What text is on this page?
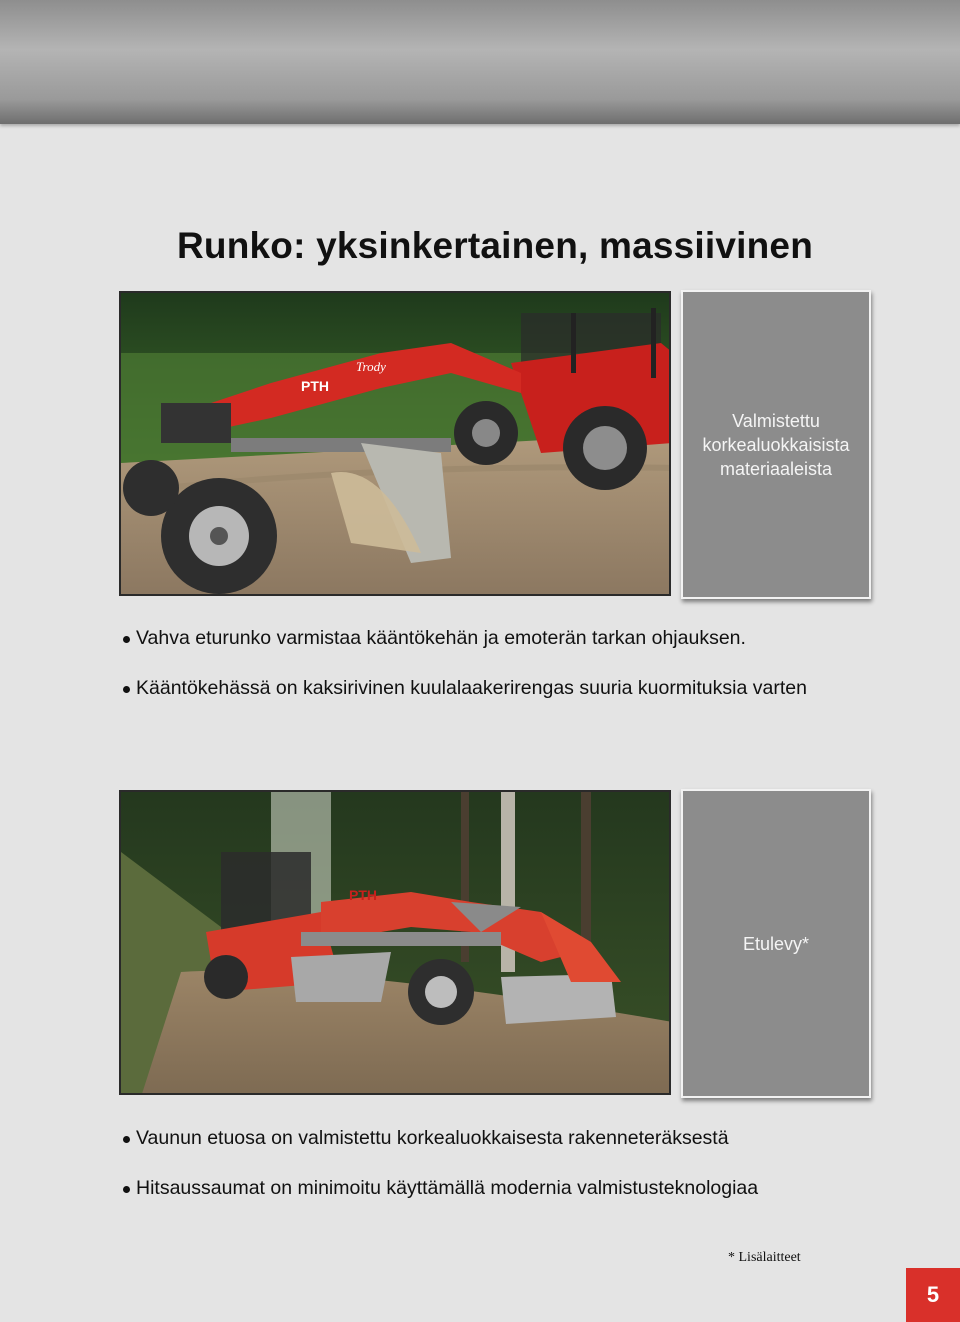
Runko: yksinkertainen, massiivinen
PTH
Trody
Valmistettu
korkealuokkaisista
materiaaleista
Vahva eturunko varmistaa kääntökehän ja emoterän tarkan ohjauksen.
Kääntökehässä on kaksirivinen kuulalaakerirengas suuria kuormituksia varten
PTH
Etulevy*
Vaunun etuosa on valmistettu korkealuokkaisesta rakenneteräksestä
Hitsaussaumat on minimoitu käyttämällä modernia valmistusteknologiaa
* Lisälaitteet
5
